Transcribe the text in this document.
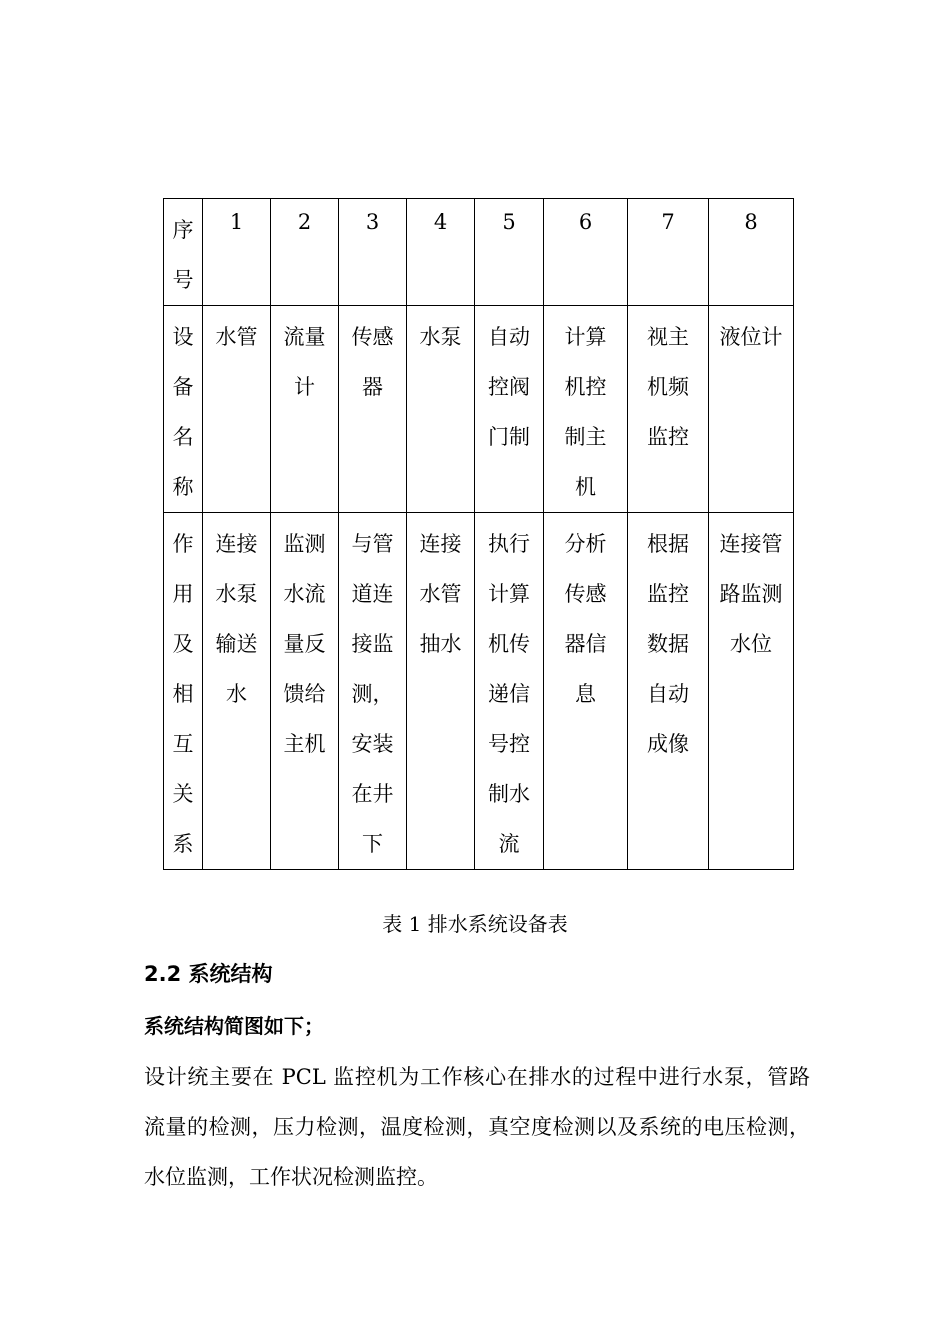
序号	1	2	3	4	5	6	7	8
设备名称	水管	流量计	传感器	水泵	自动控阀门制	计算机控制主机	视主机频监控	液位计
作用及相互关系	连接水泵输送水	监测水流量反馈给主机	与管道连接监测，安装在井下	连接水管抽水	执行计算机传递信号控制水流	分析传感器信息	根据监控数据自动成像	连接管路监测水位
表 1 排水系统设备表
2.2 系统结构
系统结构简图如下；
设计统主要在 PCL 监控机为工作核心在排水的过程中进行水泵，管路流量的检测，压力检测，温度检测，真空度检测以及系统的电压检测，水位监测，工作状况检测监控。
